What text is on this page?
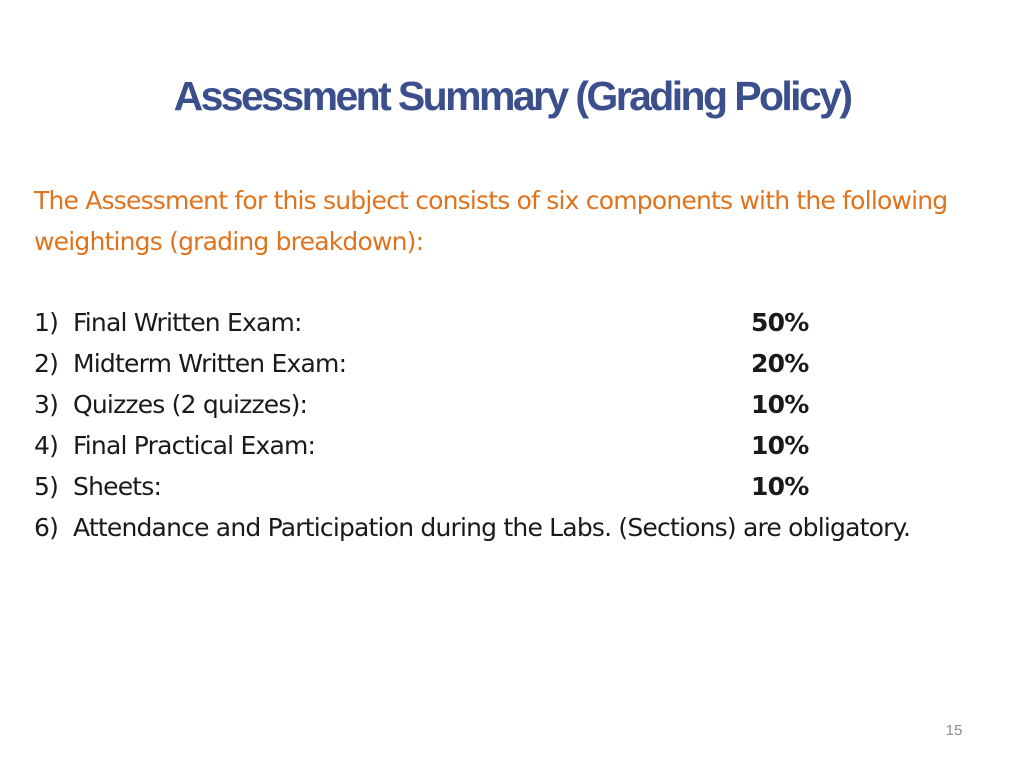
Assessment Summary (Grading Policy)

The Assessment for this subject consists of six components with the following weightings (grading breakdown):

1) Final Written Exam:	50%
2) Midterm Written Exam:	20%
3) Quizzes (2 quizzes):	10%
4) Final Practical Exam:	10%
5) Sheets:	10%
6) Attendance and Participation during the Labs. (Sections) are obligatory.
15
